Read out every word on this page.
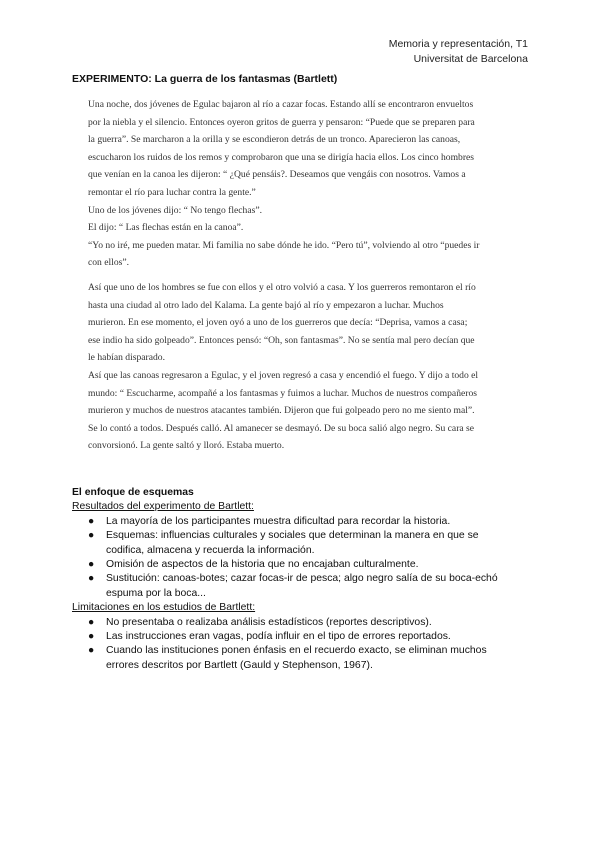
Memoria y representación, T1
Universitat de Barcelona
EXPERIMENTO: La guerra de los fantasmas (Bartlett)

Una noche, dos jóvenes de Egulac bajaron al río a cazar focas. Estando allí se encontraron envueltos

por la niebla y el silencio. Entonces oyeron gritos de guerra y pensaron: “Puede que se preparen para

la guerra”. Se marcharon a la orilla y se escondieron detrás de un tronco. Aparecieron las canoas,

escucharon los ruidos de los remos y comprobaron que una se dirigía hacia ellos. Los cinco hombres

que venían en la canoa les dijeron: “ ¿Qué pensáis?. Deseamos que vengáis con nosotros. Vamos a

remontar el río para luchar contra la gente.”

Uno de los jóvenes dijo: “ No tengo flechas”.

El dijo: “ Las flechas están en la canoa”.

“Yo no iré, me pueden matar. Mi familia no sabe dónde he ido. “Pero tú”, volviendo al otro “puedes ir

con ellos”.

Así que uno de los hombres se fue con ellos y el otro volvió a casa. Y los guerreros remontaron el río

hasta una ciudad al otro lado del Kalama. La gente bajó al río y empezaron a luchar. Muchos

murieron. En ese momento, el joven oyó a uno de los guerreros que decía: “Deprisa, vamos a casa;

ese indio ha sido golpeado”. Entonces pensó: “Oh, son fantasmas”. No se sentía mal pero decían que

le habían disparado.

Así que las canoas regresaron a Egulac, y el joven regresó a casa y encendió el fuego. Y dijo a todo el

mundo: “ Escucharme, acompañé a los fantasmas y fuimos a luchar. Muchos de nuestros compañeros

murieron y muchos de nuestros atacantes también. Dijeron que fui golpeado pero no me siento mal”.

Se lo contó a todos. Después calló. Al amanecer se desmayó. De su boca salió algo negro. Su cara se

convorsionó. La gente saltó y lloró. Estaba muerto.

El enfoque de esquemas
Resultados del experimento de Bartlett:
● La mayoría de los participantes muestra dificultad para recordar la historia.
● Esquemas: influencias culturales y sociales que determinan la manera en que se
codifica, almacena y recuerda la información.
● Omisión de aspectos de la historia que no encajaban culturalmente.
● Sustitución: canoas-botes; cazar focas-ir de pesca; algo negro salía de su boca-echó
espuma por la boca...
Limitaciones en los estudios de Bartlett:
● No presentaba o realizaba análisis estadísticos (reportes descriptivos).
● Las instrucciones eran vagas, podía influir en el tipo de errores reportados.
● Cuando las instituciones ponen énfasis en el recuerdo exacto, se eliminan muchos
errores descritos por Bartlett (Gauld y Stephenson, 1967).
